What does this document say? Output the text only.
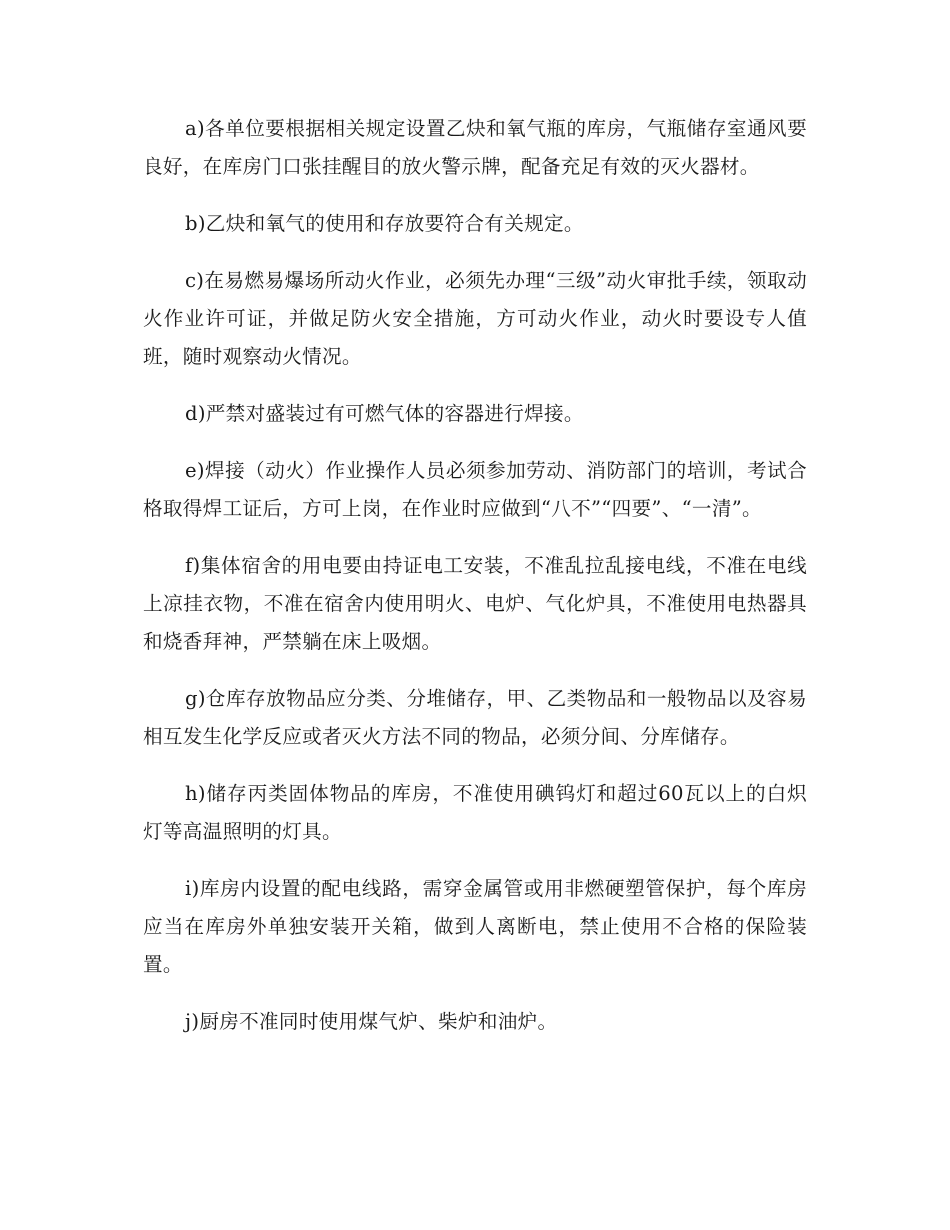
a)各单位要根据相关规定设置乙炔和氧气瓶的库房，气瓶储存室通风要良好，在库房门口张挂醒目的放火警示牌，配备充足有效的灭火器材。

b)乙炔和氧气的使用和存放要符合有关规定。

c)在易燃易爆场所动火作业，必须先办理“三级”动火审批手续，领取动火作业许可证，并做足防火安全措施，方可动火作业，动火时要设专人值班，随时观察动火情况。

d)严禁对盛装过有可燃气体的容器进行焊接。

e)焊接（动火）作业操作人员必须参加劳动、消防部门的培训，考试合格取得焊工证后，方可上岗，在作业时应做到“八不”“四要”、“一清”。

f)集体宿舍的用电要由持证电工安装，不准乱拉乱接电线，不准在电线上凉挂衣物，不准在宿舍内使用明火、电炉、气化炉具，不准使用电热器具和烧香拜神，严禁躺在床上吸烟。

g)仓库存放物品应分类、分堆储存，甲、乙类物品和一般物品以及容易相互发生化学反应或者灭火方法不同的物品，必须分间、分库储存。

h)储存丙类固体物品的库房，不准使用碘钨灯和超过60瓦以上的白炽灯等高温照明的灯具。

i)库房内设置的配电线路，需穿金属管或用非燃硬塑管保护，每个库房应当在库房外单独安装开关箱，做到人离断电，禁止使用不合格的保险装置。

j)厨房不准同时使用煤气炉、柴炉和油炉。
